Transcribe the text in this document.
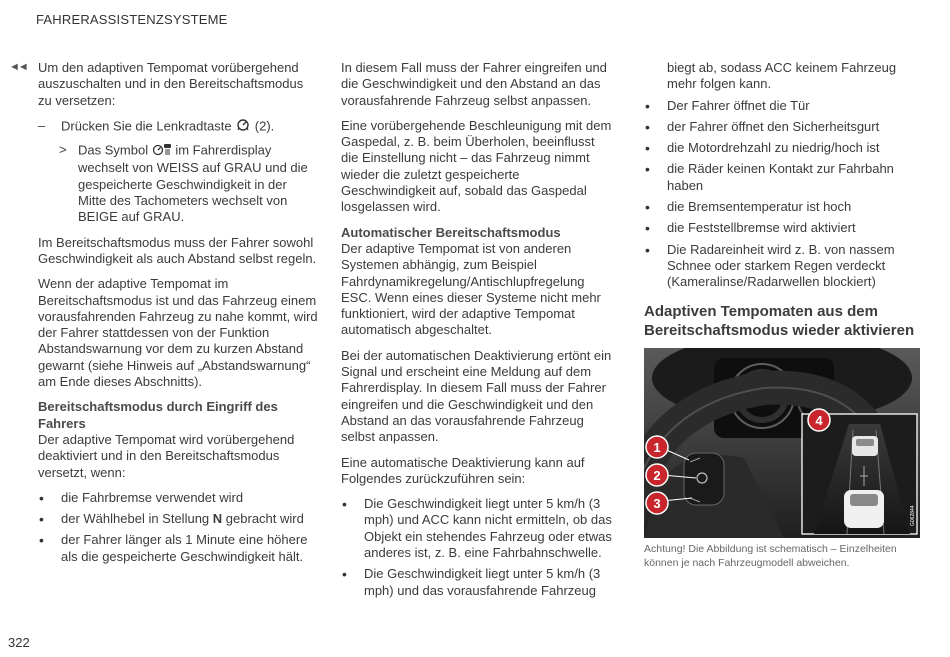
FAHRERASSISTENZSYSTEME
◄◄ Um den adaptiven Tempomat vorübergehend auszuschalten und in den Bereitschaftsmodus zu versetzen:

– Drücken Sie die Lenkradtaste (2).
> Das Symbol im Fahrerdisplay wechselt von WEISS auf GRAU und die gespeicherte Geschwindigkeit in der Mitte des Tachometers wechselt von BEIGE auf GRAU.

Im Bereitschaftsmodus muss der Fahrer sowohl Geschwindigkeit als auch Abstand selbst regeln.

Wenn der adaptive Tempomat im Bereitschaftsmodus ist und das Fahrzeug einem vorausfahrenden Fahrzeug zu nahe kommt, wird der Fahrer stattdessen von der Funktion Abstandswarnung vor dem zu kurzen Abstand gewarnt (siehe Hinweis auf „Abstandswarnung“ am Ende dieses Abschnitts).

Bereitschaftsmodus durch Eingriff des Fahrers

Der adaptive Tempomat wird vorübergehend deaktiviert und in den Bereitschaftsmodus versetzt, wenn:

• die Fahrbremse verwendet wird
• der Wählhebel in Stellung N gebracht wird
• der Fahrer länger als 1 Minute eine höhere als die gespeicherte Geschwindigkeit hält.

In diesem Fall muss der Fahrer eingreifen und die Geschwindigkeit und den Abstand an das vorausfahrende Fahrzeug selbst anpassen.

Eine vorübergehende Beschleunigung mit dem Gaspedal, z. B. beim Überholen, beeinflusst die Einstellung nicht – das Fahrzeug nimmt wieder die zuletzt gespeicherte Geschwindigkeit auf, sobald das Gaspedal losgelassen wird.

Automatischer Bereitschaftsmodus

Der adaptive Tempomat ist von anderen Systemen abhängig, zum Beispiel Fahrdynamikregelung/Antischlupfregelung ESC. Wenn eines dieser Systeme nicht mehr funktioniert, wird der adaptive Tempomat automatisch abgeschaltet.

Bei der automatischen Deaktivierung ertönt ein Signal und erscheint eine Meldung auf dem Fahrerdisplay. In diesem Fall muss der Fahrer eingreifen und die Geschwindigkeit und den Abstand an das vorausfahrende Fahrzeug selbst anpassen.

Eine automatische Deaktivierung kann auf Folgendes zurückzuführen sein:

• Die Geschwindigkeit liegt unter 5 km/h (3 mph) und ACC kann nicht ermitteln, ob das Objekt ein stehendes Fahrzeug oder etwas anderes ist, z. B. eine Fahrbahnschwelle.
• Die Geschwindigkeit liegt unter 5 km/h (3 mph) und das vorausfahrende Fahrzeug

biegt ab, sodass ACC keinem Fahrzeug mehr folgen kann.

• Der Fahrer öffnet die Tür
• der Fahrer öffnet den Sicherheitsgurt
• die Motordrehzahl zu niedrig/hoch ist
• die Räder keinen Kontakt zur Fahrbahn haben
• die Bremsentemperatur ist hoch
• die Feststellbremse wird aktiviert
• Die Radareinheit wird z. B. von nassem Schnee oder starkem Regen verdeckt (Kameralinse/Radarwellen blockiert)
Adaptiven Tempomaten aus dem Bereitschaftsmodus wieder aktivieren
76
G062844
1
2
3
4
Achtung! Die Abbildung ist schematisch – Einzelheiten können je nach Fahrzeugmodell abweichen.
322
